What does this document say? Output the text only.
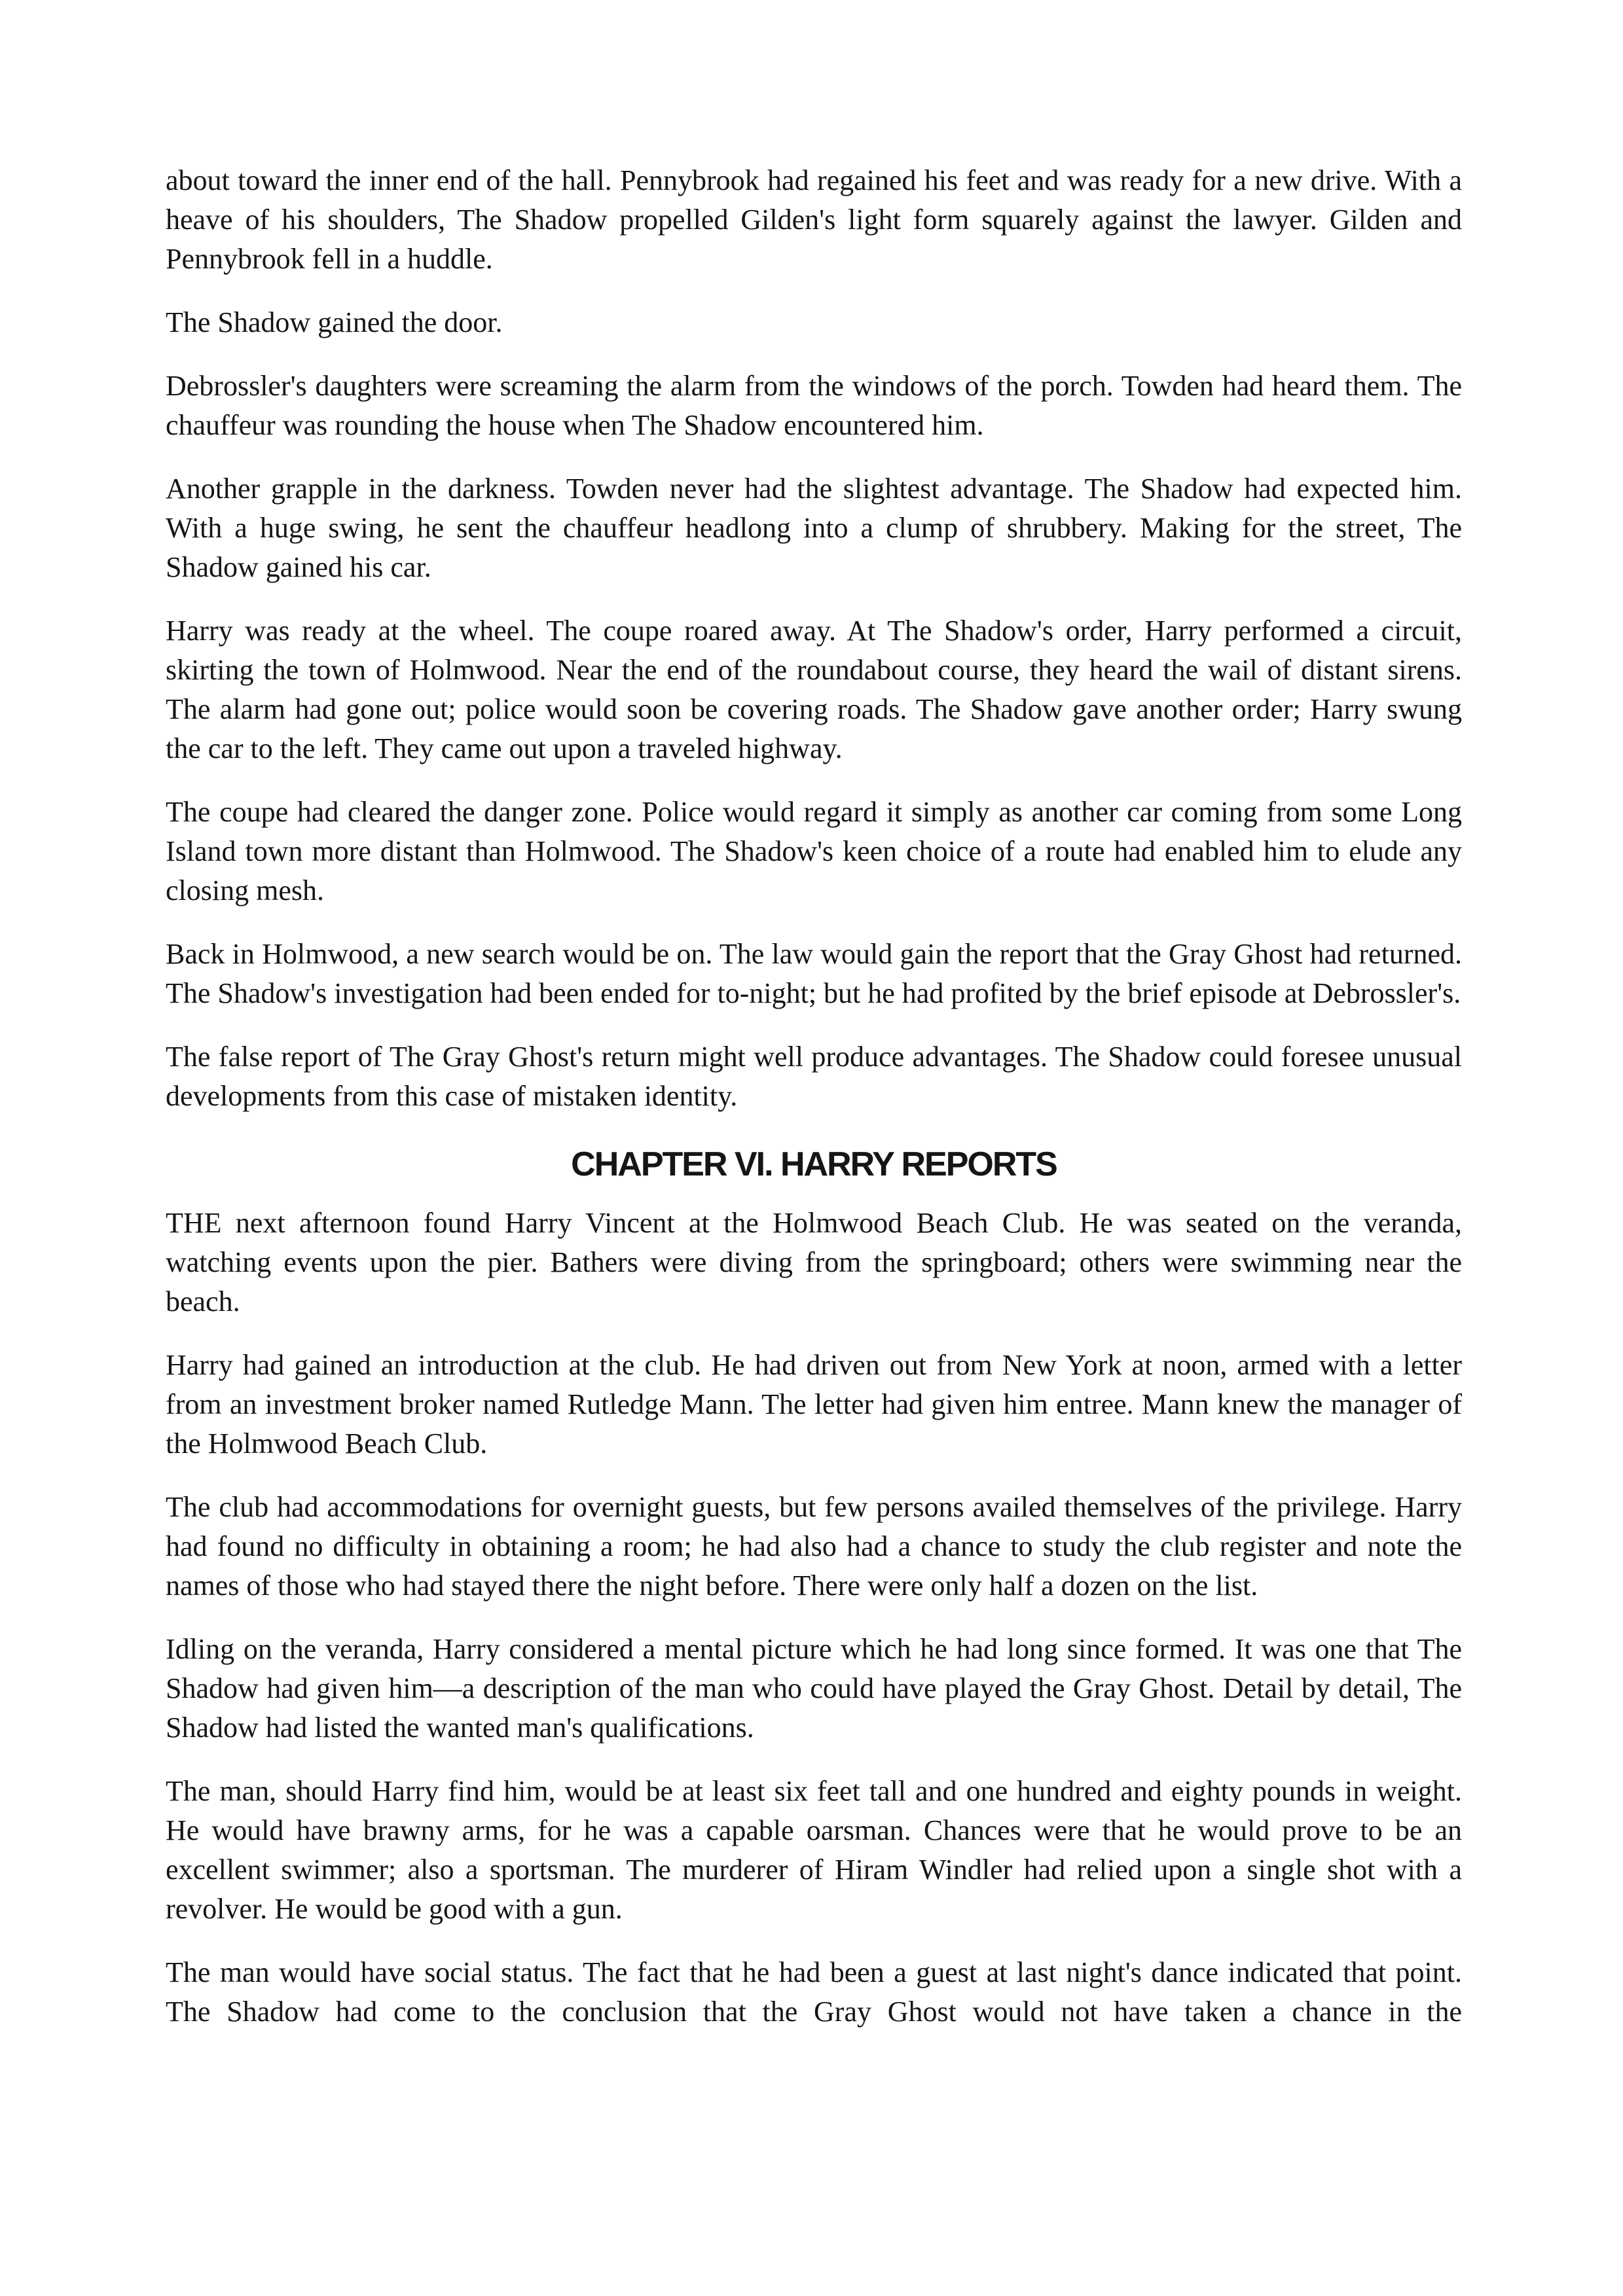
about toward the inner end of the hall. Pennybrook had regained his feet and was ready for a new drive. With a heave of his shoulders, The Shadow propelled Gilden's light form squarely against the lawyer. Gilden and Pennybrook fell in a huddle.

The Shadow gained the door.

Debrossler's daughters were screaming the alarm from the windows of the porch. Towden had heard them. The chauffeur was rounding the house when The Shadow encountered him.

Another grapple in the darkness. Towden never had the slightest advantage. The Shadow had expected him. With a huge swing, he sent the chauffeur headlong into a clump of shrubbery. Making for the street, The Shadow gained his car.

Harry was ready at the wheel. The coupe roared away. At The Shadow's order, Harry performed a circuit, skirting the town of Holmwood. Near the end of the roundabout course, they heard the wail of distant sirens. The alarm had gone out; police would soon be covering roads. The Shadow gave another order; Harry swung the car to the left. They came out upon a traveled highway.

The coupe had cleared the danger zone. Police would regard it simply as another car coming from some Long Island town more distant than Holmwood. The Shadow's keen choice of a route had enabled him to elude any closing mesh.

Back in Holmwood, a new search would be on. The law would gain the report that the Gray Ghost had returned. The Shadow's investigation had been ended for to-night; but he had profited by the brief episode at Debrossler's.

The false report of The Gray Ghost's return might well produce advantages. The Shadow could foresee unusual developments from this case of mistaken identity.

CHAPTER VI. HARRY REPORTS

THE next afternoon found Harry Vincent at the Holmwood Beach Club. He was seated on the veranda, watching events upon the pier. Bathers were diving from the springboard; others were swimming near the beach.

Harry had gained an introduction at the club. He had driven out from New York at noon, armed with a letter from an investment broker named Rutledge Mann. The letter had given him entree. Mann knew the manager of the Holmwood Beach Club.

The club had accommodations for overnight guests, but few persons availed themselves of the privilege. Harry had found no difficulty in obtaining a room; he had also had a chance to study the club register and note the names of those who had stayed there the night before. There were only half a dozen on the list.

Idling on the veranda, Harry considered a mental picture which he had long since formed. It was one that The Shadow had given him—a description of the man who could have played the Gray Ghost. Detail by detail, The Shadow had listed the wanted man's qualifications.

The man, should Harry find him, would be at least six feet tall and one hundred and eighty pounds in weight. He would have brawny arms, for he was a capable oarsman. Chances were that he would prove to be an excellent swimmer; also a sportsman. The murderer of Hiram Windler had relied upon a single shot with a revolver. He would be good with a gun.

The man would have social status. The fact that he had been a guest at last night's dance indicated that point. The Shadow had come to the conclusion that the Gray Ghost would not have taken a chance in the
